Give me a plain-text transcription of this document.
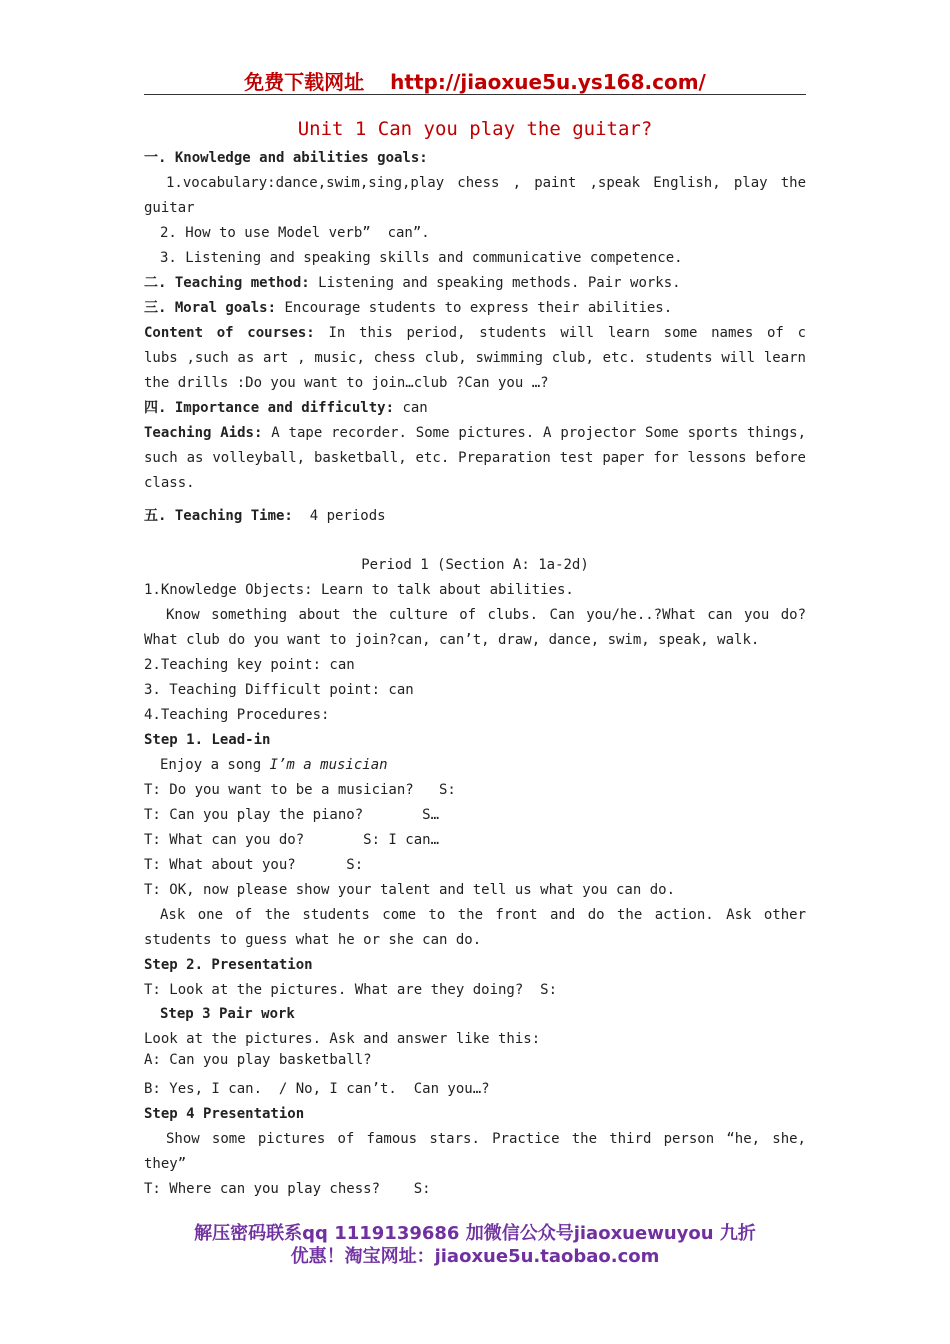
免费下载网址 http://jiaoxue5u.ys168.com/
Unit 1 Can you play the guitar?
一. Knowledge and abilities goals:
1.vocabulary:dance,swim,sing,play chess , paint ,speak English, play the
guitar
2. How to use Model verb”  can”.
3. Listening and speaking skills and communicative competence.
二. Teaching method: Listening and speaking methods. Pair works.
三. Moral goals: Encourage students to express their abilities.
Content of courses: In this period, students will learn some names of c
lubs ,such as art , music, chess club, swimming club, etc. students will learn
the drills :Do you want to join…club ?Can you …?
四. Importance and difficulty: can
Teaching Aids: A tape recorder. Some pictures. A projector Some sports things,
such as volleyball, basketball, etc. Preparation test paper for lessons before
class.
五. Teaching Time:  4 periods
Period 1 (Section A: 1a-2d)
1.Knowledge Objects: Learn to talk about abilities.
Know something about the culture of clubs. Can you/he..?What can you do?
What club do you want to join?can, can’t, draw, dance, swim, speak, walk.
2.Teaching key point: can
3. Teaching Difficult point: can
4.Teaching Procedures:
Step 1. Lead-in
Enjoy a song I’m a musician
T: Do you want to be a musician?   S:
T: Can you play the piano?       S…
T: What can you do?       S: I can…
T: What about you?      S:
T: OK, now please show your talent and tell us what you can do.
Ask one of the students come to the front and do the action. Ask other
students to guess what he or she can do.
Step 2. Presentation
T: Look at the pictures. What are they doing?  S:
Step 3 Pair work
Look at the pictures. Ask and answer like this:
A: Can you play basketball?
B: Yes, I can.  / No, I can’t.  Can you…?
Step 4 Presentation
Show some pictures of famous stars. Practice the third person “he, she,
they”
T: Where can you play chess?    S:
解压密码联系qq 1119139686 加微信公众号jiaoxuewuyou 九折
优惠！淘宝网址：jiaoxue5u.taobao.com
